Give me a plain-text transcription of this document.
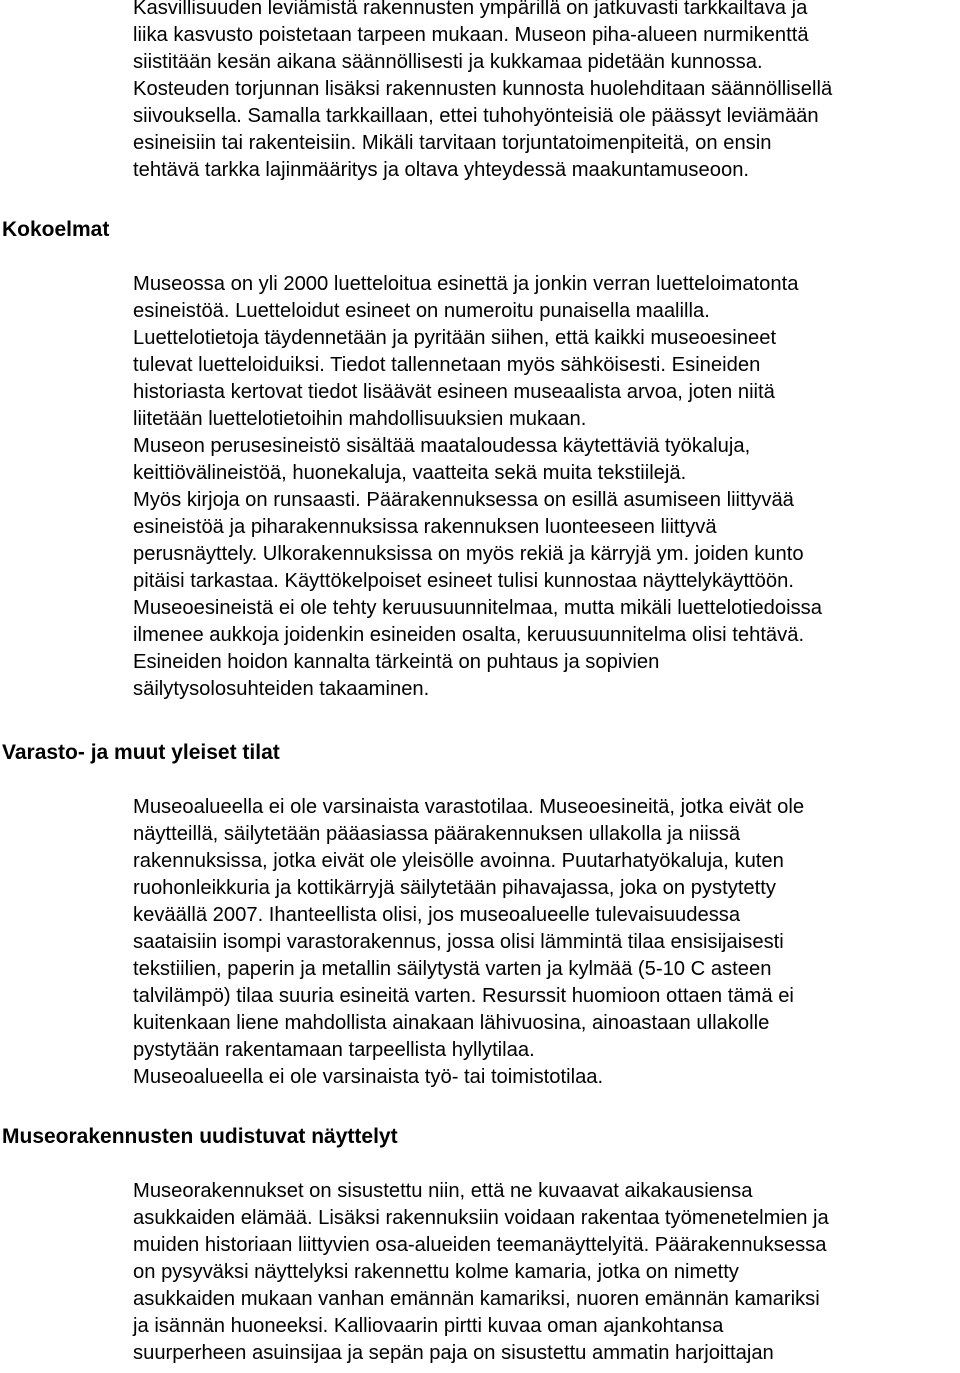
Kasvillisuuden leviämistä rakennusten ympärillä on jatkuvasti tarkkailtava ja
liika kasvusto poistetaan tarpeen mukaan. Museon piha-alueen nurmikenttä
siistitään kesän aikana säännöllisesti ja kukkamaa pidetään kunnossa.
Kosteuden torjunnan lisäksi rakennusten kunnosta huolehditaan säännöllisellä
siivouksella. Samalla tarkkaillaan, ettei tuhohyönteisiä ole päässyt leviämään
esineisiin tai rakenteisiin. Mikäli tarvitaan torjuntatoimenpiteitä, on ensin
tehtävä tarkka lajinmääritys ja oltava yhteydessä maakuntamuseoon.
Kokoelmat
Museossa on yli 2000 luetteloitua esinettä ja jonkin verran luetteloimatonta
esineistöä. Luetteloidut esineet on numeroitu punaisella maalilla.
Luettelotietoja täydennetään ja pyritään siihen, että kaikki museoesineet
tulevat luetteloiduiksi. Tiedot tallennetaan myös sähköisesti. Esineiden
historiasta kertovat tiedot lisäävät esineen museaalista arvoa, joten niitä
liitetään luettelotietoihin mahdollisuuksien mukaan.
Museon perusesineistö sisältää maataloudessa käytettäviä työkaluja,
keittiövälineistöä, huonekaluja, vaatteita sekä muita tekstiilejä.
Myös kirjoja on runsaasti. Päärakennuksessa on esillä asumiseen liittyvää
esineistöä ja piharakennuksissa rakennuksen luonteeseen liittyvä
perusnäyttely. Ulkorakennuksissa on myös rekiä ja kärryjä ym. joiden kunto
pitäisi tarkastaa. Käyttökelpoiset esineet tulisi kunnostaa näyttelykäyttöön.
Museoesineistä ei ole tehty keruusuunnitelmaa, mutta mikäli luettelotiedoissa
ilmenee aukkoja joidenkin esineiden osalta, keruusuunnitelma olisi tehtävä.
Esineiden hoidon kannalta tärkeintä on puhtaus ja sopivien
säilytysolosuhteiden takaaminen.
Varasto- ja muut yleiset tilat
Museoalueella ei ole varsinaista varastotilaa. Museoesineitä, jotka eivät ole
näytteillä, säilytetään pääasiassa päärakennuksen ullakolla ja niissä
rakennuksissa, jotka eivät ole yleisölle avoinna. Puutarhatyökaluja, kuten
ruohonleikkuria ja kottikärryjä säilytetään pihavajassa, joka on pystytetty
keväällä 2007. Ihanteellista olisi, jos museoalueelle tulevaisuudessa
saataisiin isompi varastorakennus, jossa olisi lämmintä tilaa ensisijaisesti
tekstiilien, paperin ja metallin säilytystä varten ja kylmää (5-10 C asteen
talvilämpö) tilaa suuria esineitä varten. Resurssit huomioon ottaen tämä ei
kuitenkaan liene mahdollista ainakaan lähivuosina, ainoastaan ullakolle
pystytään rakentamaan tarpeellista hyllytilaa.
Museoalueella ei ole varsinaista työ- tai toimistotilaa.
Museorakennusten uudistuvat näyttelyt
Museorakennukset on sisustettu niin, että ne kuvaavat aikakausiensa
asukkaiden elämää. Lisäksi rakennuksiin voidaan rakentaa työmenetelmien ja
muiden historiaan liittyvien osa-alueiden teemanäyttelyitä. Päärakennuksessa
on pysyväksi näyttelyksi rakennettu kolme kamaria, jotka on nimetty
asukkaiden mukaan vanhan emännän kamariksi, nuoren emännän kamariksi
ja isännän huoneeksi. Kalliovaarin pirtti kuvaa oman ajankohtansa
suurperheen asuinsijaa ja sepän paja on sisustettu ammatin harjoittajan
